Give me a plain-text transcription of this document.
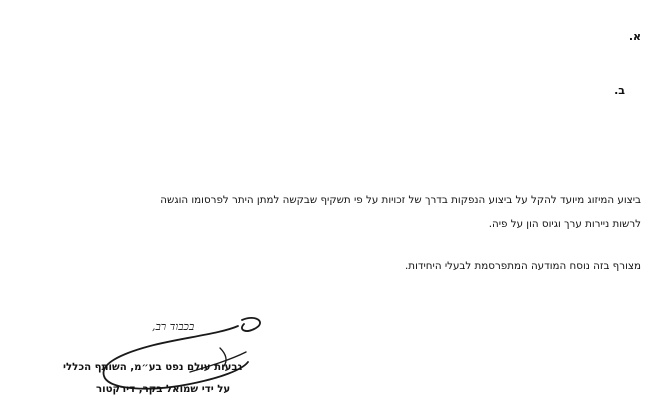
א.
ב.
ביצוע המיזוג מיועד להקל על ביצוע הנפקות בדרך של זכויות על פי תשקיף שבקשה למתן היתר לפרסומו הוגשה
לרשות ניירות ערך וגיוס הון על פיה.
מצורף בזה נוסח המודעה המתפרסמת לבעלי היחידות.
בכבוד רב,
גבעות עולם נפט בע״מ, השותף הכללי
על ידי שמואל בקר, דירקטור
